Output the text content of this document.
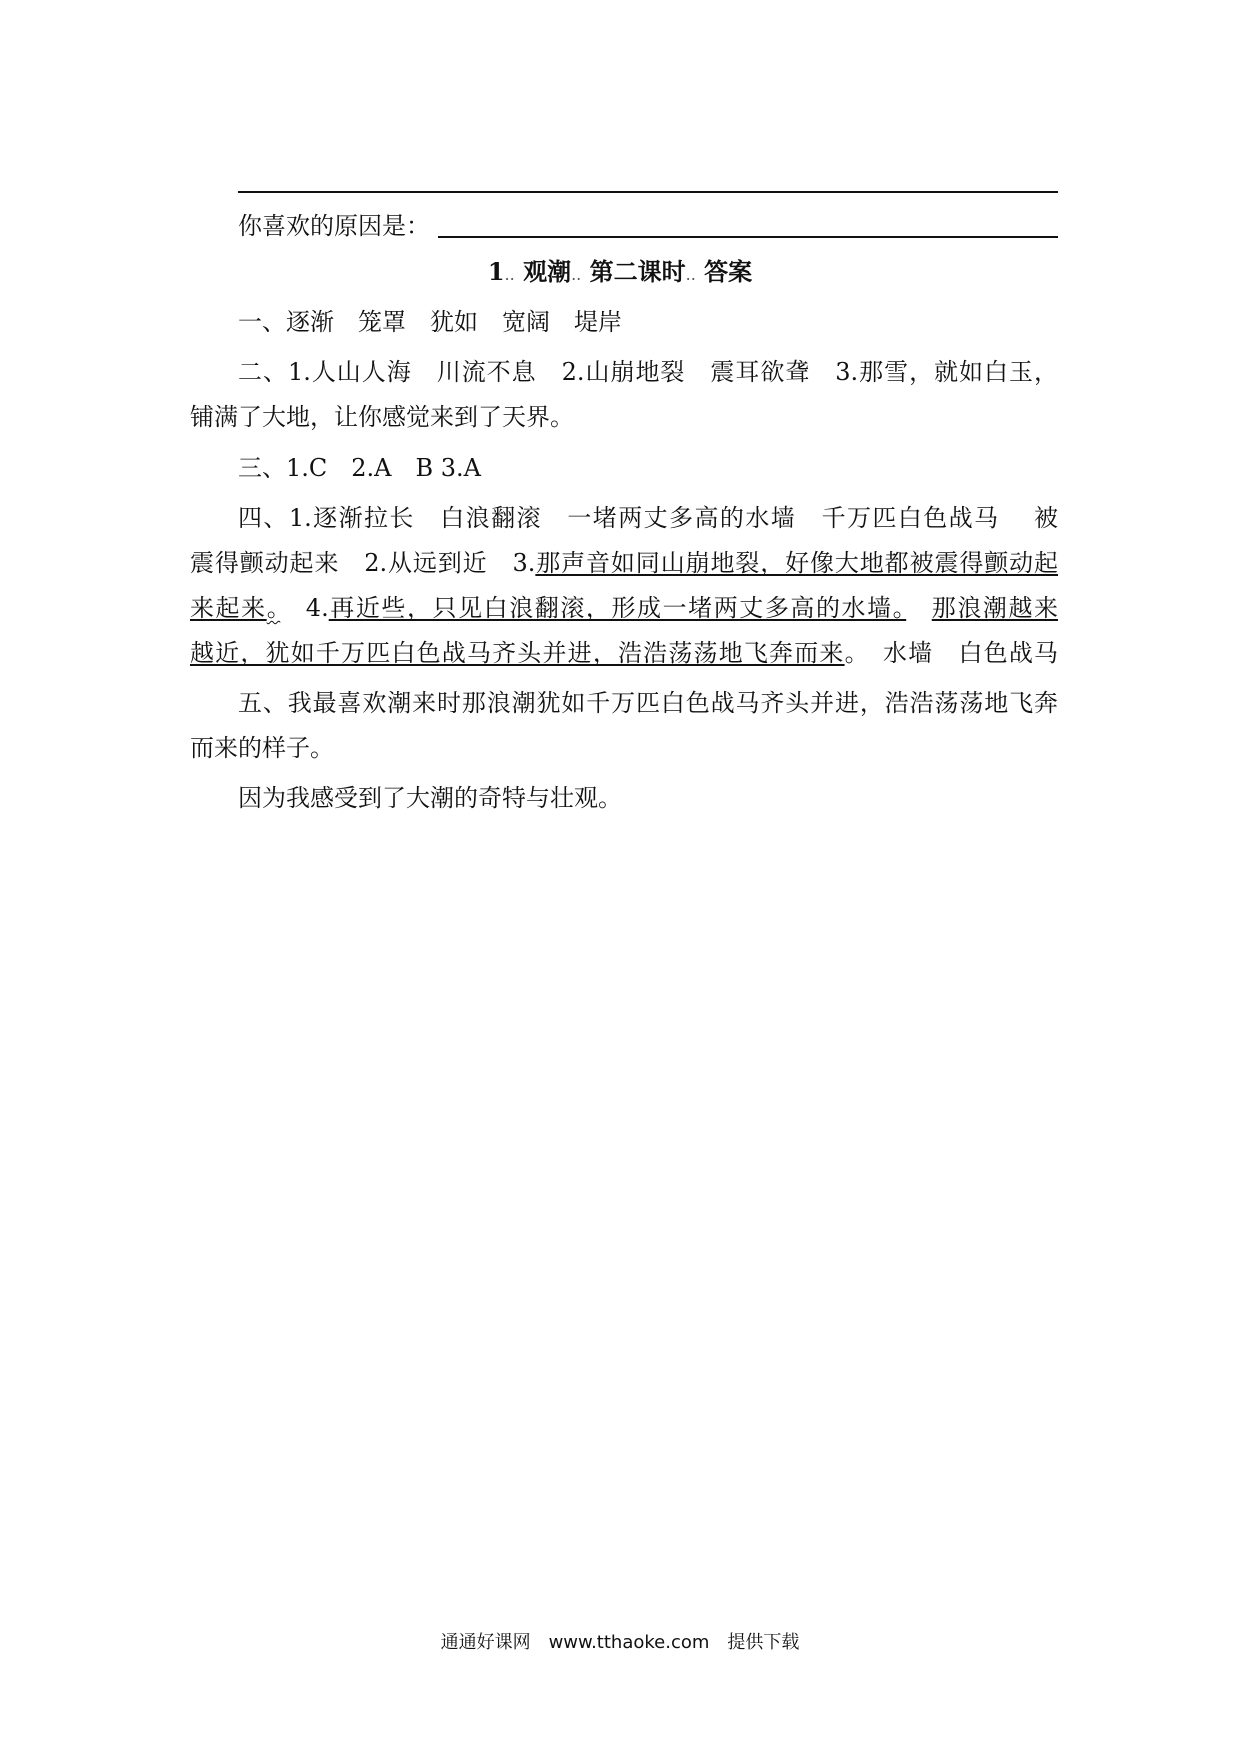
你喜欢的原因是：
1.. 观潮.. 第二课时.. 答案
一、逐渐　笼罩　犹如　宽阔　堤岸
二、1.人山人海　川流不息　2.山崩地裂　震耳欲聋　3.那雪，就如白玉，
铺满了大地，让你感觉来到了天界。
三、1.C　2.A　B 3.A
四、1.逐渐拉长　白浪翻滚　一堵两丈多高的水墙　千万匹白色战马　 被
震得颤动起来　2.从远到近　3.那声音如同山崩地裂，好像大地都被震得颤动起
来起来。　4.再近些，只见白浪翻滚，形成一堵两丈多高的水墙。　 那浪潮越来
越近，犹如千万匹白色战马齐头并进，浩浩荡荡地飞奔而来。　水墙　白色战马
五、我最喜欢潮来时那浪潮犹如千万匹白色战马齐头并进，浩浩荡荡地飞奔
而来的样子。
因为我感受到了大潮的奇特与壮观。
通通好课网　www.tthaoke.com　提供下载
